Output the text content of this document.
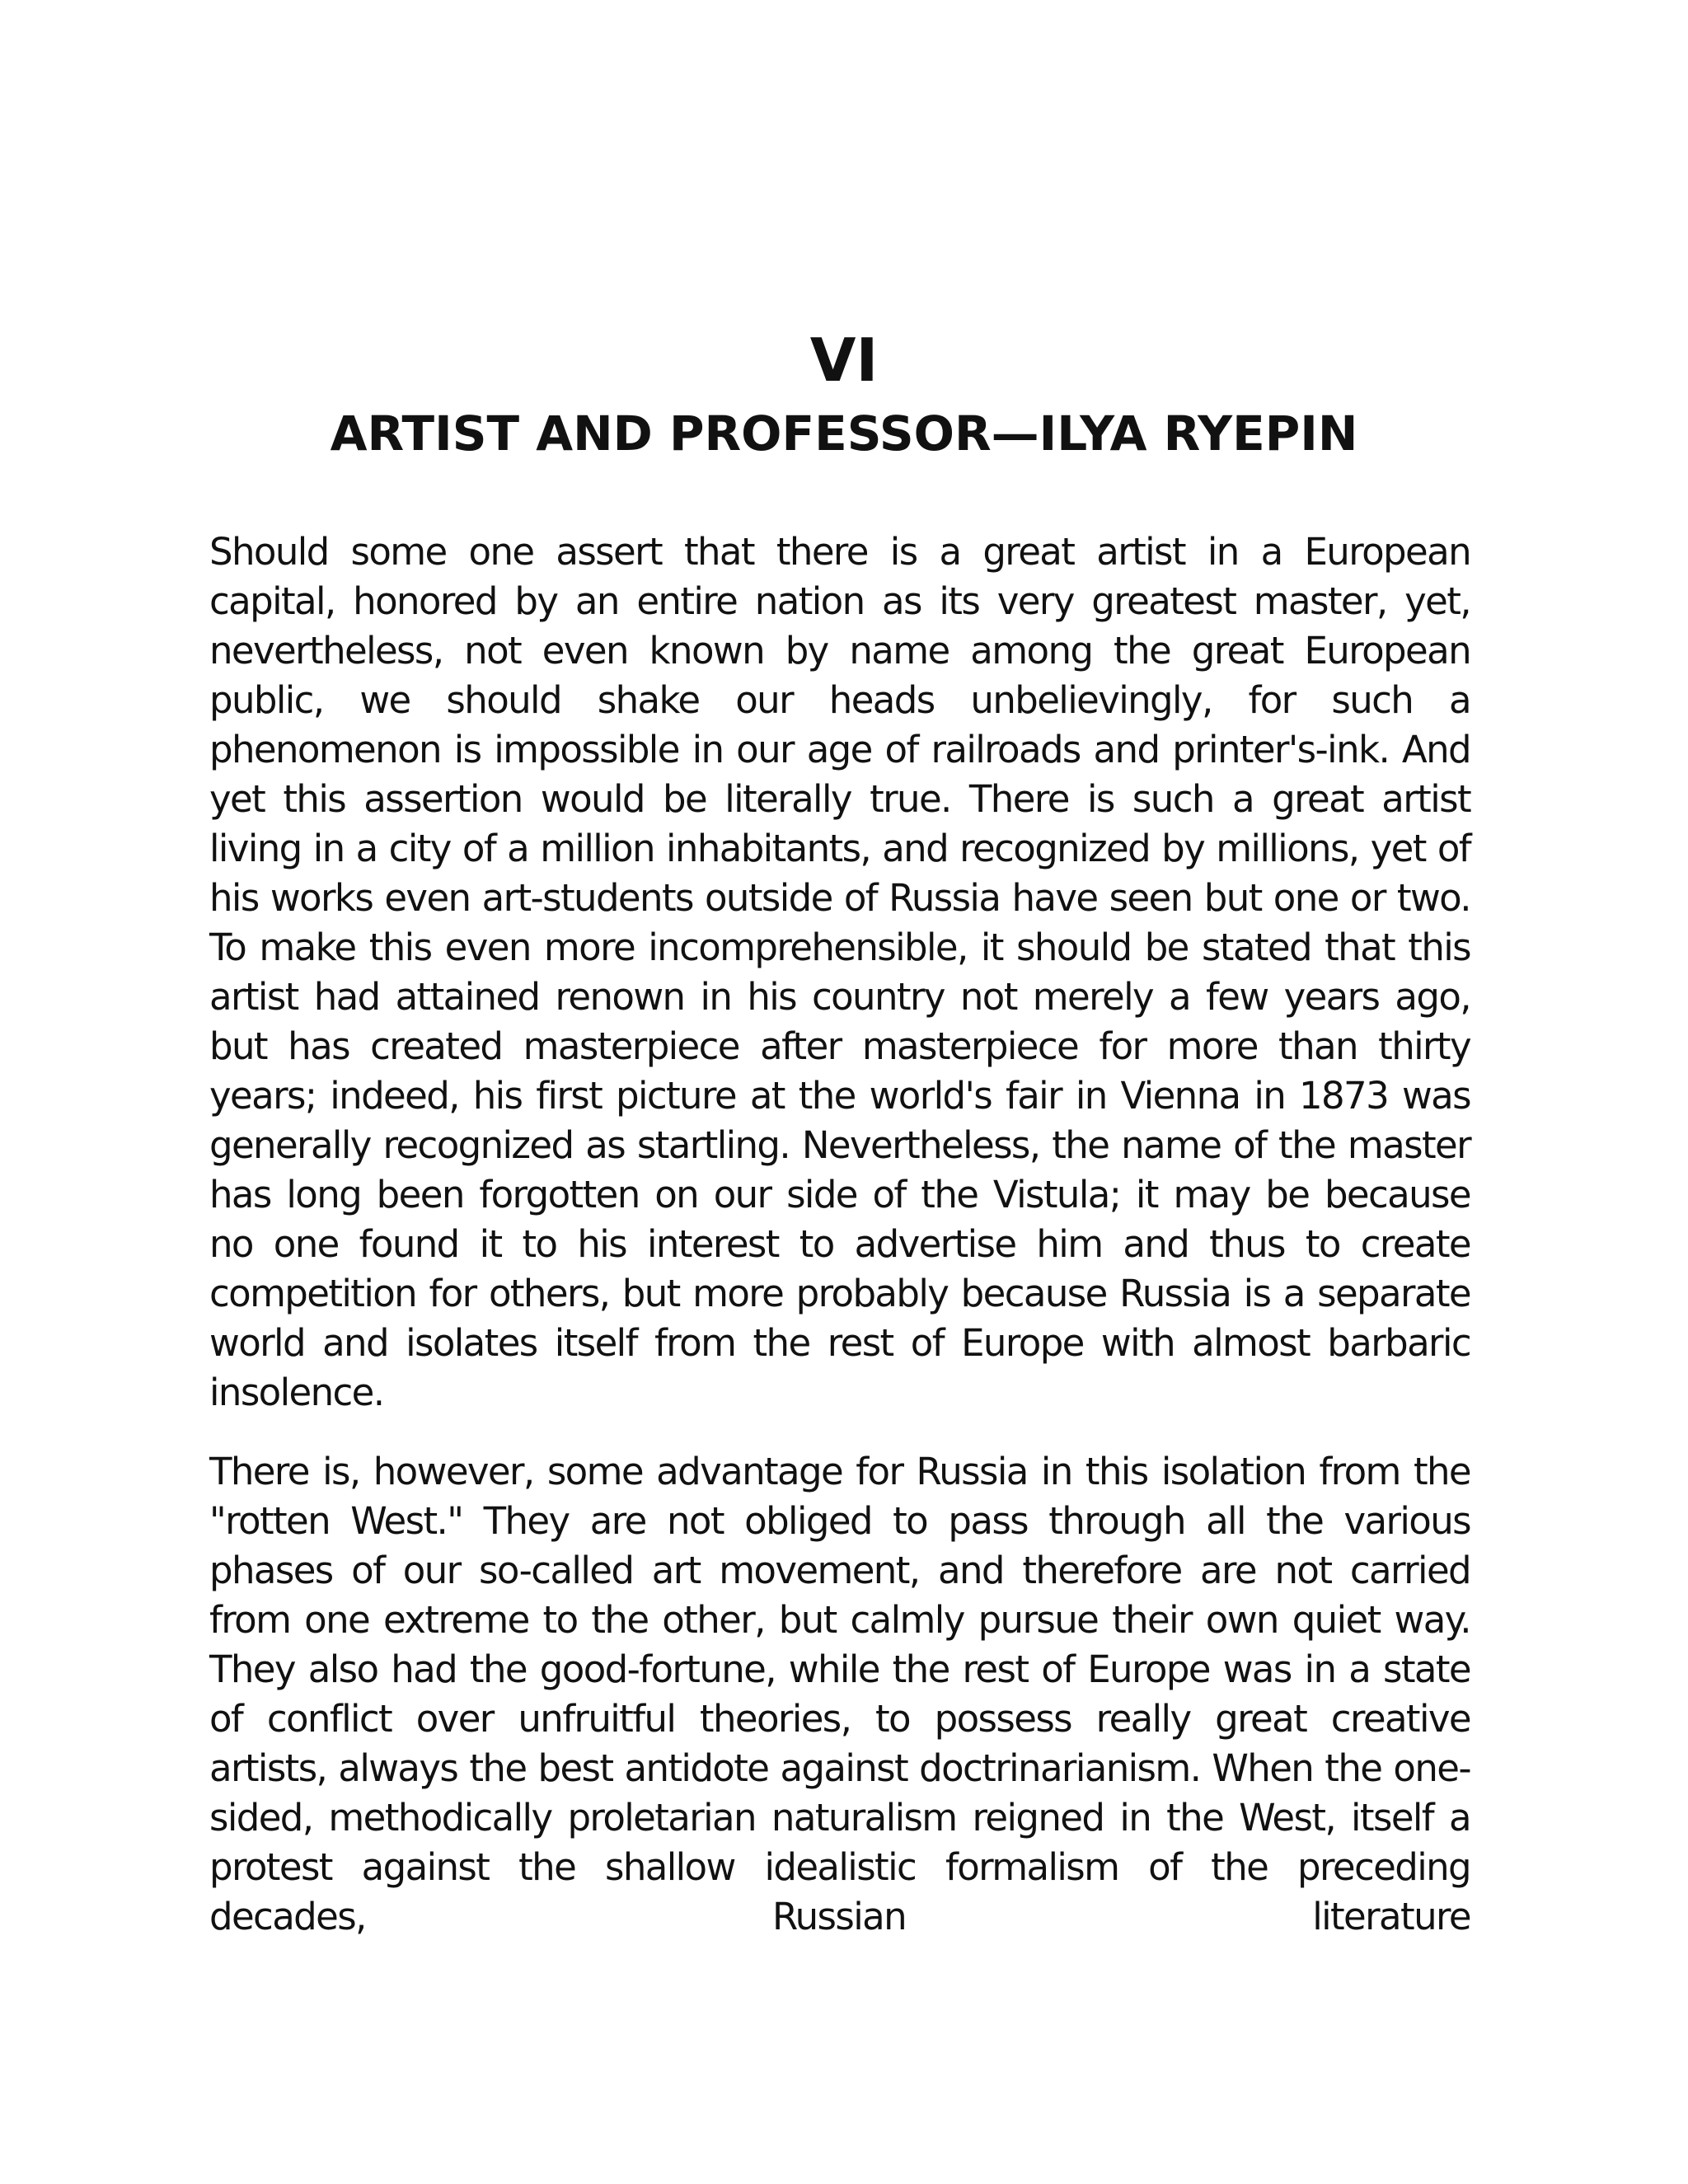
VI
ARTIST AND PROFESSOR—ILYA RYEPIN

Should some one assert that there is a great artist in a European capital, honored by an entire nation as its very greatest master, yet, nevertheless, not even known by name among the great European public, we should shake our heads unbelievingly, for such a phenomenon is impossible in our age of railroads and printer's-ink. And yet this assertion would be literally true. There is such a great artist living in a city of a million inhabitants, and recognized by millions, yet of his works even art-students outside of Russia have seen but one or two. To make this even more incomprehensible, it should be stated that this artist had attained renown in his country not merely a few years ago, but has created masterpiece after masterpiece for more than thirty years; indeed, his first picture at the world's fair in Vienna in 1873 was generally recognized as startling. Nevertheless, the name of the master has long been forgotten on our side of the Vistula; it may be because no one found it to his interest to advertise him and thus to create competition for others, but more probably because Russia is a separate world and isolates itself from the rest of Europe with almost barbaric insolence.

There is, however, some advantage for Russia in this isolation from the "rotten West." They are not obliged to pass through all the various phases of our so-called art movement, and therefore are not carried from one extreme to the other, but calmly pursue their own quiet way. They also had the good-fortune, while the rest of Europe was in a state of conflict over unfruitful theories, to possess really great creative artists, always the best antidote against doctrinarianism. When the one-sided, methodically proletarian naturalism reigned in the West, itself a protest against the shallow idealistic formalism of the preceding decades, Russian literature
